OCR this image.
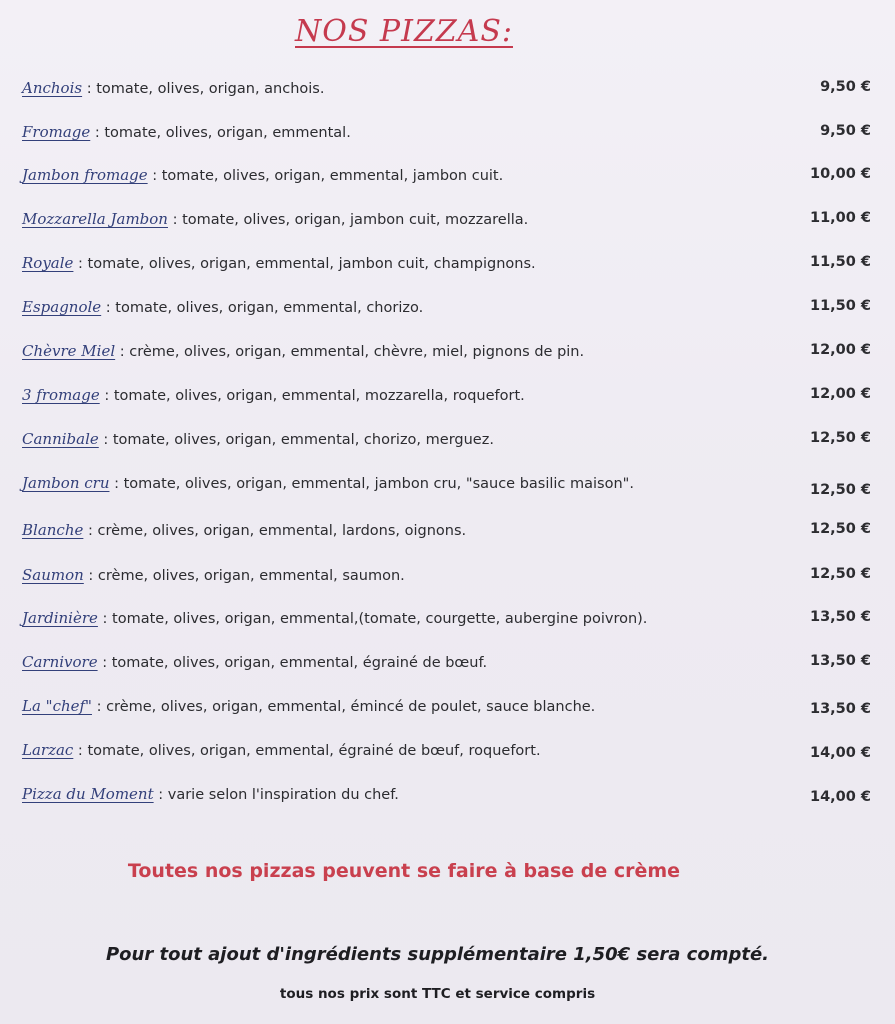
NOS PIZZAS:
Anchois : tomate, olives, origan, anchois.	9,50 €
Fromage : tomate, olives, origan, emmental.	9,50 €
Jambon fromage : tomate, olives, origan, emmental, jambon cuit.	10,00 €
Mozzarella Jambon : tomate, olives, origan, jambon cuit, mozzarella.	11,00 €
Royale : tomate, olives, origan, emmental, jambon cuit, champignons.	11,50 €
Espagnole : tomate, olives, origan, emmental, chorizo.	11,50 €
Chèvre Miel : crème, olives, origan, emmental, chèvre, miel, pignons de pin.	12,00 €
3 fromage : tomate, olives, origan, emmental, mozzarella, roquefort.	12,00 €
Cannibale : tomate, olives, origan, emmental, chorizo, merguez.	12,50 €
Jambon cru : tomate, olives, origan, emmental, jambon cru, "sauce basilic maison".	12,50 €
Blanche : crème, olives, origan, emmental, lardons, oignons.	12,50 €
Saumon : crème, olives, origan, emmental, saumon.	12,50 €
Jardinière : tomate, olives, origan, emmental,(tomate, courgette, aubergine poivron).	13,50 €
Carnivore : tomate, olives, origan, emmental, égrainé de bœuf.	13,50 €
La "chef" : crème, olives, origan, emmental, émincé de poulet, sauce blanche.	13,50 €
Larzac : tomate, olives, origan, emmental, égrainé de bœuf, roquefort.	14,00 €
Pizza du Moment : varie selon l'inspiration du chef.	14,00 €
Toutes nos pizzas peuvent se faire à base de crème
Pour tout ajout d'ingrédients supplémentaire 1,50€ sera compté.
tous nos prix sont TTC et service compris
